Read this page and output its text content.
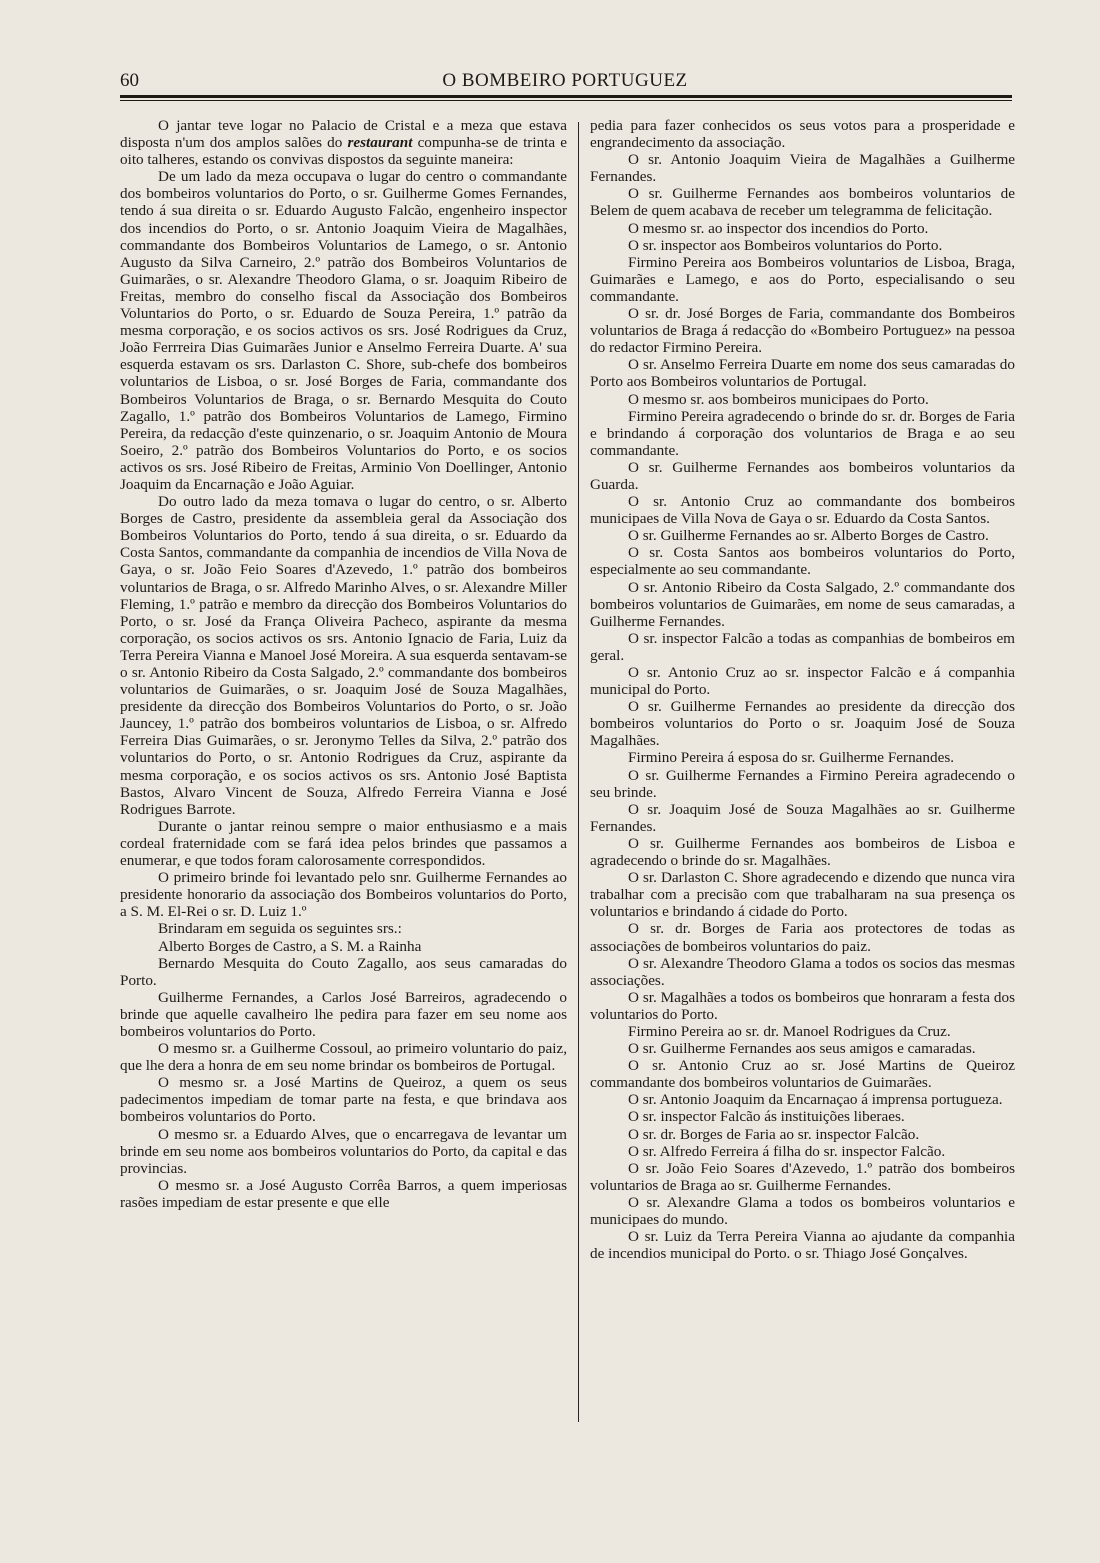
60	O BOMBEIRO PORTUGUEZ

O jantar teve logar no Palacio de Cristal e a meza que estava disposta n'um dos amplos salões do restaurant compunha-se de trinta e oito talheres, estando os convivas dispostos da seguinte maneira:

De um lado da meza occupava o lugar do centro o commandante dos bombeiros voluntarios do Porto, o sr. Guilherme Gomes Fernandes, tendo á sua direita o sr. Eduardo Augusto Falcão, engenheiro inspector dos incendios do Porto, o sr. Antonio Joaquim Vieira de Magalhães, commandante dos Bombeiros Voluntarios de Lamego, o sr. Antonio Augusto da Silva Carneiro, 2.º patrão dos Bombeiros Voluntarios de Guimarães, o sr. Alexandre Theodoro Glama, o sr. Joaquim Ribeiro de Freitas, membro do conselho fiscal da Associação dos Bombeiros Voluntarios do Porto, o sr. Eduardo de Souza Pereira, 1.º patrão da mesma corporação, e os socios activos os srs. José Rodrigues da Cruz, João Ferrreira Dias Guimarães Junior e Anselmo Ferreira Duarte. A' sua esquerda estavam os srs. Darlaston C. Shore, sub-chefe dos bombeiros voluntarios de Lisboa, o sr. José Borges de Faria, commandante dos Bombeiros Voluntarios de Braga, o sr. Bernardo Mesquita do Couto Zagallo, 1.º patrão dos Bombeiros Voluntarios de Lamego, Firmino Pereira, da redacção d'este quinzenario, o sr. Joaquim Antonio de Moura Soeiro, 2.º patrão dos Bombeiros Voluntarios do Porto, e os socios activos os srs. José Ribeiro de Freitas, Arminio Von Doellinger, Antonio Joaquim da Encarnação e João Aguiar.

Do outro lado da meza tomava o lugar do centro, o sr. Alberto Borges de Castro, presidente da assembleia geral da Associação dos Bombeiros Voluntarios do Porto, tendo á sua direita, o sr. Eduardo da Costa Santos, commandante da companhia de incendios de Villa Nova de Gaya, o sr. João Feio Soares d'Azevedo, 1.º patrão dos bombeiros voluntarios de Braga, o sr. Alfredo Marinho Alves, o sr. Alexandre Miller Fleming, 1.º patrão e membro da direcção dos Bombeiros Voluntarios do Porto, o sr. José da França Oliveira Pacheco, aspirante da mesma corporação, os socios activos os srs. Antonio Ignacio de Faria, Luiz da Terra Pereira Vianna e Manoel José Moreira. A sua esquerda sentavam-se o sr. Antonio Ribeiro da Costa Salgado, 2.º commandante dos bombeiros voluntarios de Guimarães, o sr. Joaquim José de Souza Magalhães, presidente da direcção dos Bombeiros Voluntarios do Porto, o sr. João Jauncey, 1.º patrão dos bombeiros voluntarios de Lisboa, o sr. Alfredo Ferreira Dias Guimarães, o sr. Jeronymo Telles da Silva, 2.º patrão dos voluntarios do Porto, o sr. Antonio Rodrigues da Cruz, aspirante da mesma corporação, e os socios activos os srs. Antonio José Baptista Bastos, Alvaro Vincent de Souza, Alfredo Ferreira Vianna e José Rodrigues Barrote.

Durante o jantar reinou sempre o maior enthusiasmo e a mais cordeal fraternidade com se fará idea pelos brindes que passamos a enumerar, e que todos foram calorosamente correspondidos.

O primeiro brinde foi levantado pelo snr. Guilherme Fernandes ao presidente honorario da associação dos Bombeiros voluntarios do Porto, a S. M. El-Rei o sr. D. Luiz 1.º

Brindaram em seguida os seguintes srs.:

Alberto Borges de Castro, a S. M. a Rainha

Bernardo Mesquita do Couto Zagallo, aos seus camaradas do Porto.

Guilherme Fernandes, a Carlos José Barreiros, agradecendo o brinde que aquelle cavalheiro lhe pedira para fazer em seu nome aos bombeiros voluntarios do Porto.

O mesmo sr. a Guilherme Cossoul, ao primeiro voluntario do paiz, que lhe dera a honra de em seu nome brindar os bombeiros de Portugal.

O mesmo sr. a José Martins de Queiroz, a quem os seus padecimentos impediam de tomar parte na festa, e que brindava aos bombeiros voluntarios do Porto.

O mesmo sr. a Eduardo Alves, que o encarregava de levantar um brinde em seu nome aos bombeiros voluntarios do Porto, da capital e das provincias.

O mesmo sr. a José Augusto Corrêa Barros, a quem imperiosas rasões impediam de estar presente e que elle

pedia para fazer conhecidos os seus votos para a prosperidade e engrandecimento da associação.

O sr. Antonio Joaquim Vieira de Magalhães a Guilherme Fernandes.

O sr. Guilherme Fernandes aos bombeiros voluntarios de Belem de quem acabava de receber um telegramma de felicitação.

O mesmo sr. ao inspector dos incendios do Porto.

O sr. inspector aos Bombeiros voluntarios do Porto.

Firmino Pereira aos Bombeiros voluntarios de Lisboa, Braga, Guimarães e Lamego, e aos do Porto, especialisando o seu commandante.

O sr. dr. José Borges de Faria, commandante dos Bombeiros voluntarios de Braga á redacção do «Bombeiro Portuguez» na pessoa do redactor Firmino Pereira.

O sr. Anselmo Ferreira Duarte em nome dos seus camaradas do Porto aos Bombeiros voluntarios de Portugal.

O mesmo sr. aos bombeiros municipaes do Porto.

Firmino Pereira agradecendo o brinde do sr. dr. Borges de Faria e brindando á corporação dos voluntarios de Braga e ao seu commandante.

O sr. Guilherme Fernandes aos bombeiros voluntarios da Guarda.

O sr. Antonio Cruz ao commandante dos bombeiros municipaes de Villa Nova de Gaya o sr. Eduardo da Costa Santos.

O sr. Guilherme Fernandes ao sr. Alberto Borges de Castro.

O sr. Costa Santos aos bombeiros voluntarios do Porto, especialmente ao seu commandante.

O sr. Antonio Ribeiro da Costa Salgado, 2.º commandante dos bombeiros voluntarios de Guimarães, em nome de seus camaradas, a Guilherme Fernandes.

O sr. inspector Falcão a todas as companhias de bombeiros em geral.

O sr. Antonio Cruz ao sr. inspector Falcão e á companhia municipal do Porto.

O sr. Guilherme Fernandes ao presidente da direcção dos bombeiros voluntarios do Porto o sr. Joaquim José de Souza Magalhães.

Firmino Pereira á esposa do sr. Guilherme Fernandes.

O sr. Guilherme Fernandes a Firmino Pereira agradecendo o seu brinde.

O sr. Joaquim José de Souza Magalhães ao sr. Guilherme Fernandes.

O sr. Guilherme Fernandes aos bombeiros de Lisboa e agradecendo o brinde do sr. Magalhães.

O sr. Darlaston C. Shore agradecendo e dizendo que nunca vira trabalhar com a precisão com que trabalharam na sua presença os voluntarios e brindando á cidade do Porto.

O sr. dr. Borges de Faria aos protectores de todas as associações de bombeiros voluntarios do paiz.

O sr. Alexandre Theodoro Glama a todos os socios das mesmas associações.

O sr. Magalhães a todos os bombeiros que honraram a festa dos voluntarios do Porto.

Firmino Pereira ao sr. dr. Manoel Rodrigues da Cruz.

O sr. Guilherme Fernandes aos seus amigos e camaradas.

O sr. Antonio Cruz ao sr. José Martins de Queiroz commandante dos bombeiros voluntarios de Guimarães.

O sr. Antonio Joaquim da Encarnaçao á imprensa portugueza.

O sr. inspector Falcão ás instituições liberaes.

O sr. dr. Borges de Faria ao sr. inspector Falcão.

O sr. Alfredo Ferreira á filha do sr. inspector Falcão.

O sr. João Feio Soares d'Azevedo, 1.º patrão dos bombeiros voluntarios de Braga ao sr. Guilherme Fernandes.

O sr. Alexandre Glama a todos os bombeiros voluntarios e municipaes do mundo.

O sr. Luiz da Terra Pereira Vianna ao ajudante da companhia de incendios municipal do Porto. o sr. Thiago José Gonçalves.
